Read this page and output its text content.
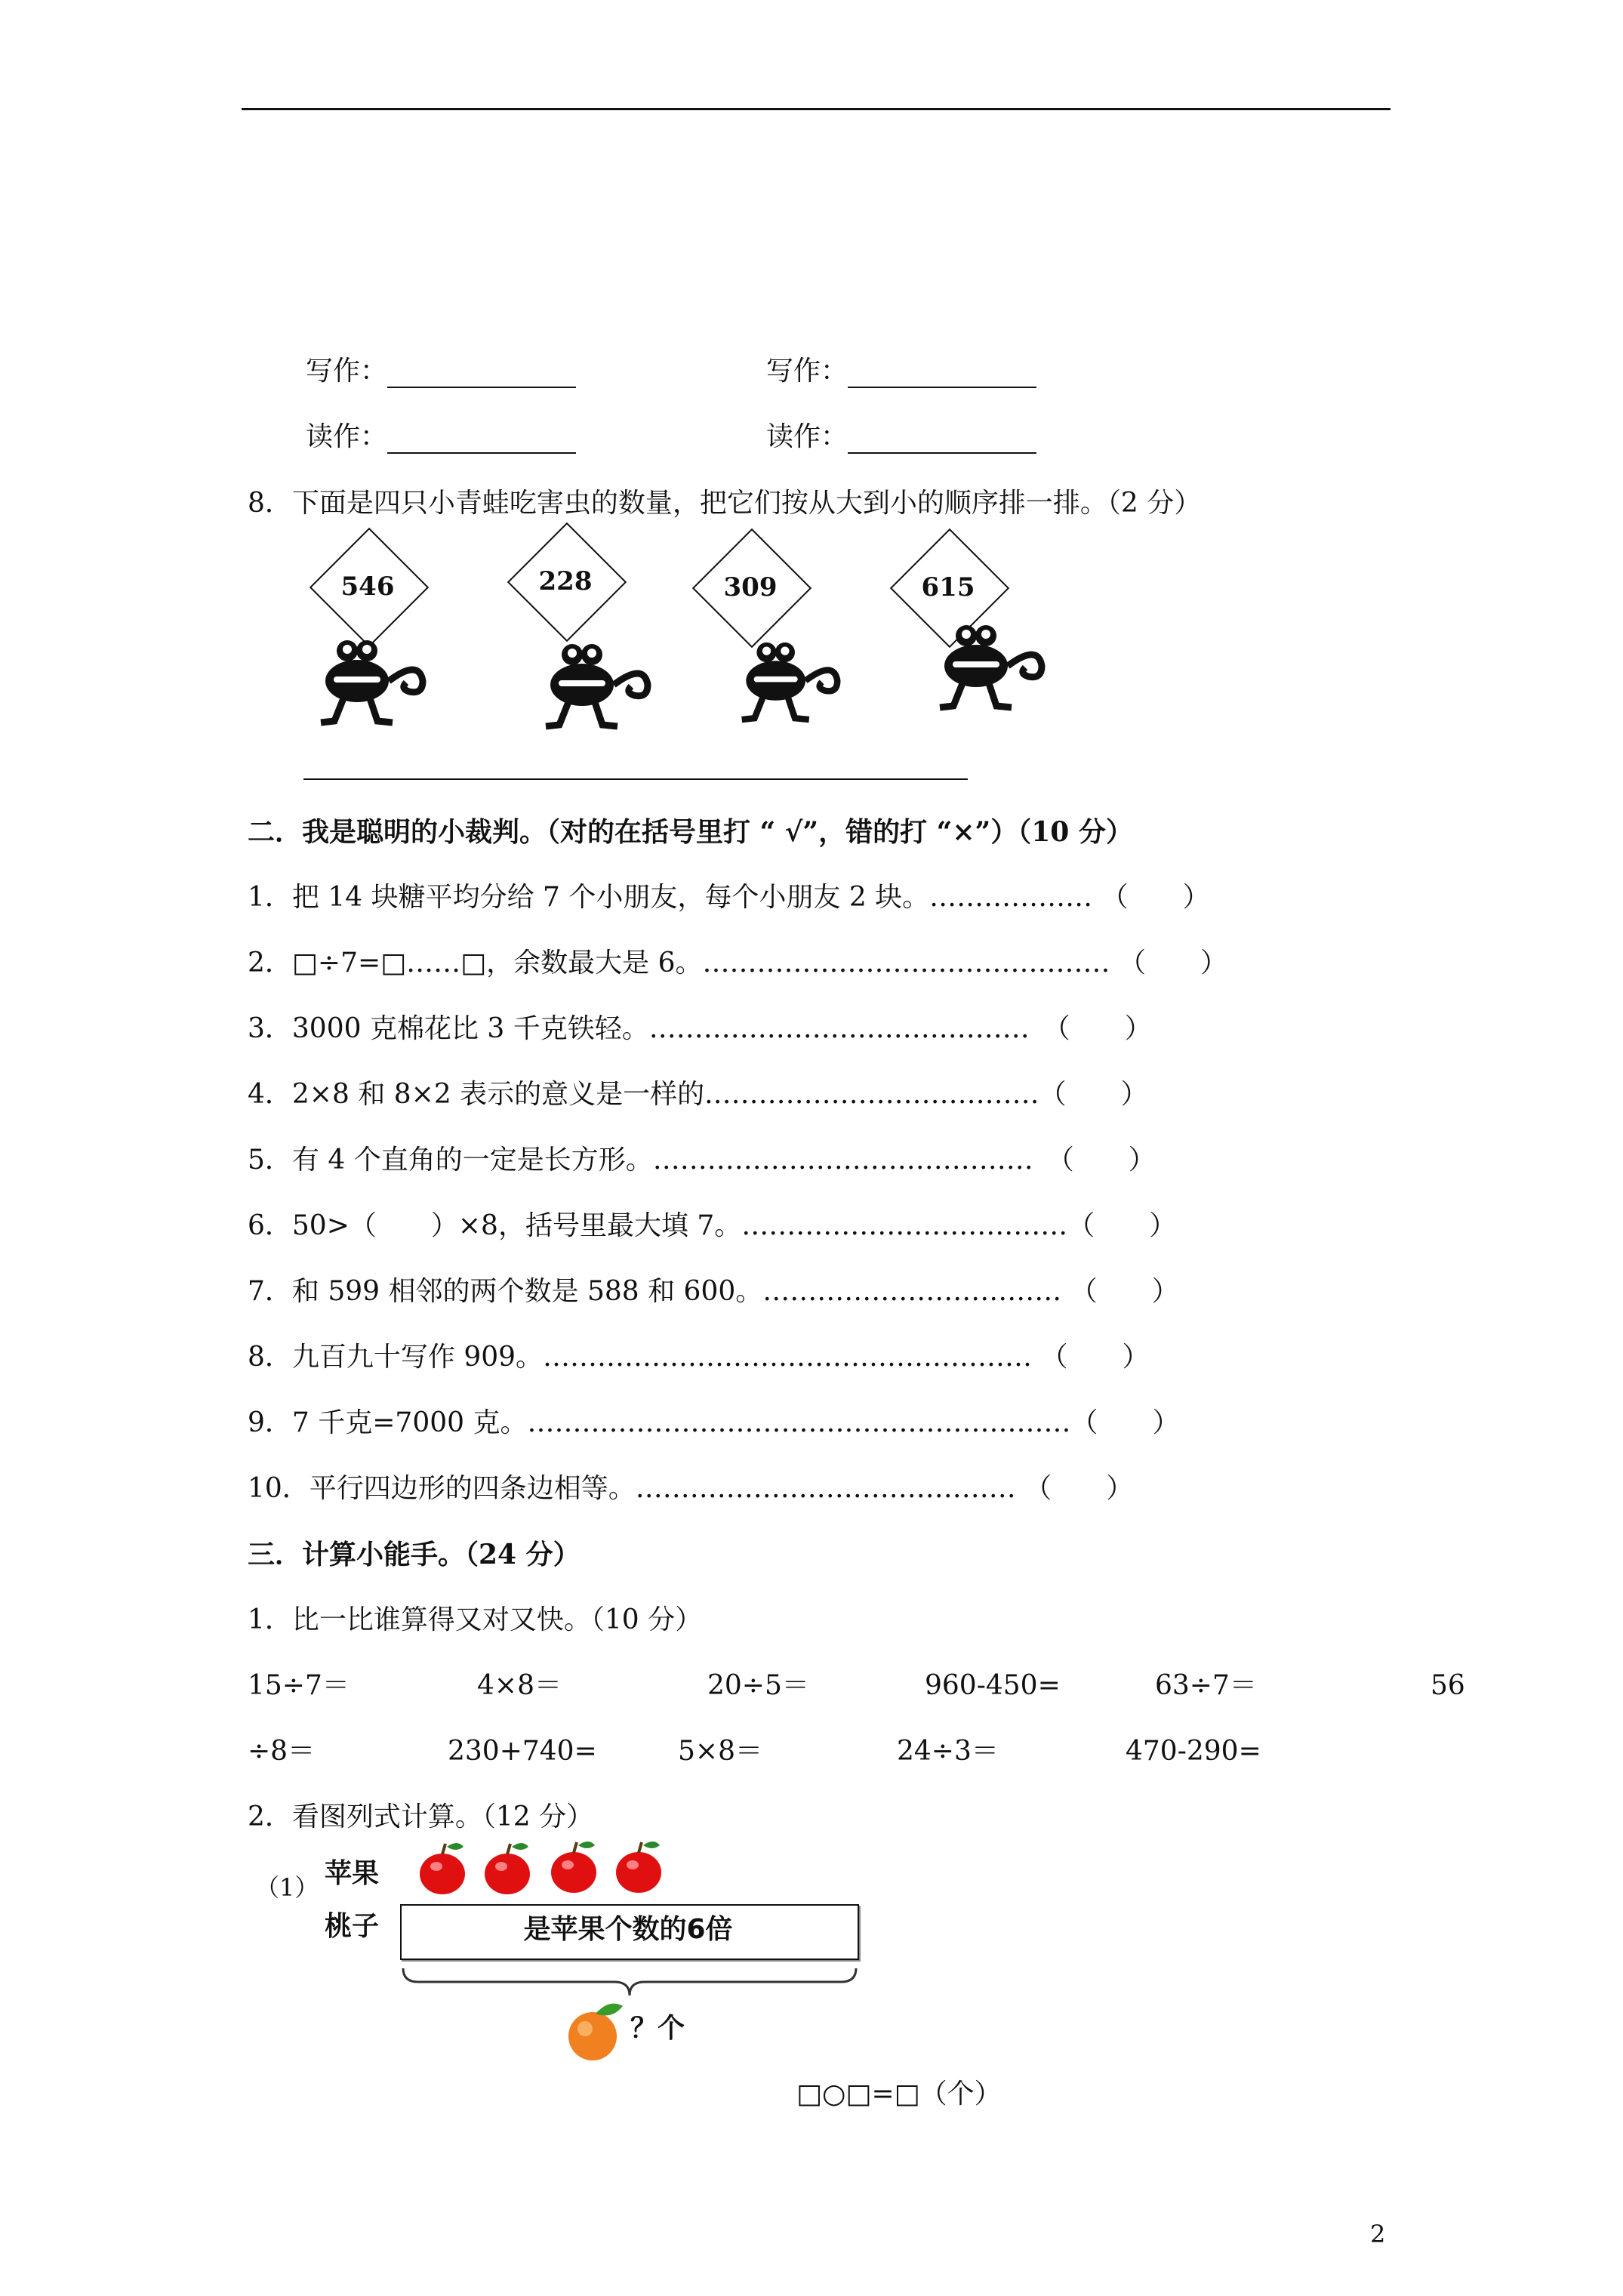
写作：	写作：
读作：	读作：
8．下面是四只小青蛙吃害虫的数量，把它们按从大到小的顺序排一排。（2 分）
546	228	309	615
二．我是聪明的小裁判。（对的在括号里打 “ √”，错的打 “×”）（10 分）
1．把 14 块糖平均分给 7 个小朋友，每个小朋友 2 块。……………… （　　）
2．□÷7=□……□，余数最大是 6。……………………………………… （　　）
3．3000 克棉花比 3 千克铁轻。……………………………………　（　　）
4．2×8 和 8×2 表示的意义是一样的.………………………………（　　）
5．有 4 个直角的一定是长方形。……………………………………　（　　）
6．50>（　　）×8，括号里最大填 7。………………………………（　　）
7．和 599 相邻的两个数是 588 和 600。…………………………… （　　）
8．九百九十写作 909。……………………………………………… （　　）
9．7 千克=7000 克。……………………………………………………（　　）
10．平行四边形的四条边相等。…………………………………… （　　）
三．计算小能手。（24 分）
1．比一比谁算得又对又快。（10 分）
15÷7＝	4×8＝	20÷5＝	960-450=	63÷7＝	56
÷8＝	230+740=	5×8＝	24÷3＝	470-290=
2．看图列式计算。（12 分）
（1） 苹果
桃子	是苹果个数的6倍
？个
□○□=□（个）
2
